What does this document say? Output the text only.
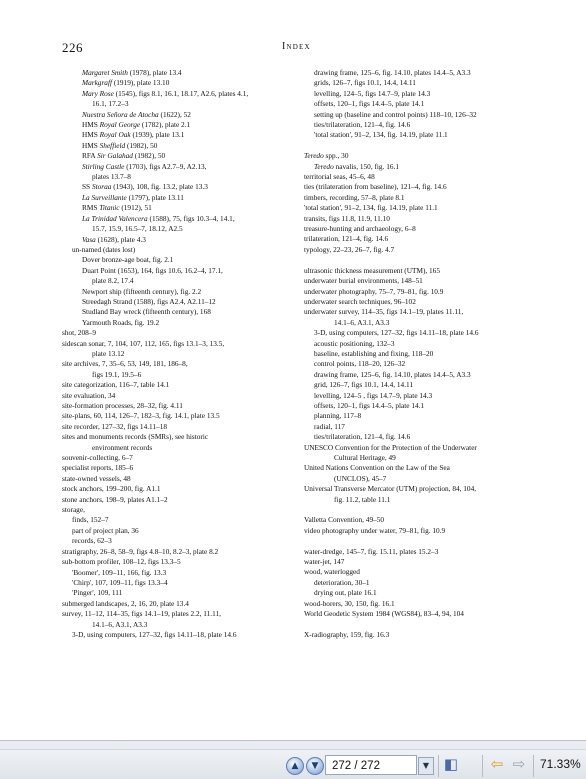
226	Index
Margaret Smith (1978), plate 13.4
Markgraff (1919), plate 13.10
Mary Rose (1545), figs 8.1, 16.1, 18.17, A2.6, plates 4.1,
16.1, 17.2–3
Nuestra Señora de Atocha (1622), 52
HMS Royal George (1782), plate 2.1
HMS Royal Oak (1939), plate 13.1
HMS Sheffield (1982), 50
RFA Sir Galahad (1982), 50
Stirling Castle (1703), figs A2.7–9, A2.13,
plates 13.7–8
SS Storaa (1943), 108, fig. 13.2, plate 13.3
La Surveillante (1797), plate 13.11
RMS Titanic (1912), 51
La Trinidad Valencera (1588), 75, figs 10.3–4, 14.1,
15.7, 15.9, 16.5–7, 18.12, A2.5
Vasa (1628), plate 4.3
un-named (dates lost)
Dover bronze-age boat, fig. 2.1
Duart Point (1653), 164, figs 10.6, 16.2–4, 17.1,
plate 8.2, 17.4
Newport ship (fifteenth century), fig. 2.2
Streedagh Strand (1588), figs A2.4, A2.11–12
Studland Bay wreck (fifteenth century), 168
Yarmouth Roads, fig. 19.2
shot, 208–9
sidescan sonar, 7, 104, 107, 112, 165, figs 13.1–3, 13.5,
plate 13.12
site archives, 7, 35–6, 53, 149, 181, 186–8,
figs 19.1, 19.5–6
site categorization, 116–7, table 14.1
site evaluation, 34
site-formation processes, 28–32, fig. 4.11
site-plans, 60, 114, 126–7, 182–3, fig. 14.1, plate 13.5
site recorder, 127–32, figs 14.11–18
sites and monuments records (SMRs), see historic
environment records
souvenir-collecting, 6–7
specialist reports, 185–6
state-owned vessels, 48
stock anchors, 199–200, fig. A1.1
stone anchors, 198–9, plates A1.1–2
storage,
finds, 152–7
part of project plan, 36
records, 62–3
stratigraphy, 26–8, 58–9, figs 4.8–10, 8.2–3, plate 8.2
sub-bottom profiler, 108–12, figs 13.3–5
'Boomer', 109–11, 166, fig. 13.3
'Chirp', 107, 109–11, figs 13.3–4
'Pinger', 109, 111
submerged landscapes, 2, 16, 20, plate 13.4
survey, 11–12, 114–35, figs 14.1–19, plates 2.2, 11.11,
14.1–6, A3.1, A3.3
3-D, using computers, 127–32, figs 14.11–18, plate 14.6
drawing frame, 125–6, fig. 14.10, plates 14.4–5, A3.3
grids, 126–7, figs 10.1, 14.4, 14.11
levelling, 124–5, figs 14.7–9, plate 14.3
offsets, 120–1, figs 14.4–5, plate 14.1
setting up (baseline and control points) 118–10, 126–32
ties/trilateration, 121–4, fig. 14.6
'total station', 91–2, 134, fig. 14.19, plate 11.1
Teredo spp., 30
Teredo navalis, 150, fig. 16.1
territorial seas, 45–6, 48
ties (trilateration from baseline), 121–4, fig. 14.6
timbers, recording, 57–8, plate 8.1
'total station', 91–2, 134, fig. 14.19, plate 11.1
transits, figs 11.8, 11.9, 11.10
treasure-hunting and archaeology, 6–8
trilateration, 121–4, fig. 14.6
typology, 22–23, 26–7, fig. 4.7
ultrasonic thickness measurement (UTM), 165
underwater burial environments, 148–51
underwater photography, 75–7, 79–81, fig. 10.9
underwater search techniques, 96–102
underwater survey, 114–35, figs 14.1–19, plates 11.11,
14.1–6, A3.1, A3.3
3-D, using computers, 127–32, figs 14.11–18, plate 14.6
acoustic positioning, 132–3
baseline, establishing and fixing, 118–20
control points, 118–20, 126–32
drawing frame, 125–6, fig. 14.10, plates 14.4–5, A3.3
grid, 126–7, figs 10.1, 14.4, 14.11
levelling, 124–5 , figs 14.7–9, plate 14.3
offsets, 120–1, figs 14.4–5, plate 14.1
planning, 117–8
radial, 117
ties/trilateration, 121–4, fig. 14.6
UNESCO Convention for the Protection of the Underwater
Cultural Heritage, 49
United Nations Convention on the Law of the Sea
(UNCLOS), 45–7
Universal Transverse Mercator (UTM) projection, 84, 104,
fig. 11.2, table 11.1
Valletta Convention, 49–50
video photography under water, 79–81, fig. 10.9
water-dredge, 145–7, fig. 15.11, plates 15.2–3
water-jet, 147
wood, waterlogged
deterioration, 30–1
drying out, plate 16.1
wood-borers, 30, 150, fig. 16.1
World Geodetic System 1984 (WGS84), 83–4, 94, 104
X-radiography, 159, fig. 16.3
▲	▼	272 / 272	▼ ◧ ⇦ ⇨ 71.33%
